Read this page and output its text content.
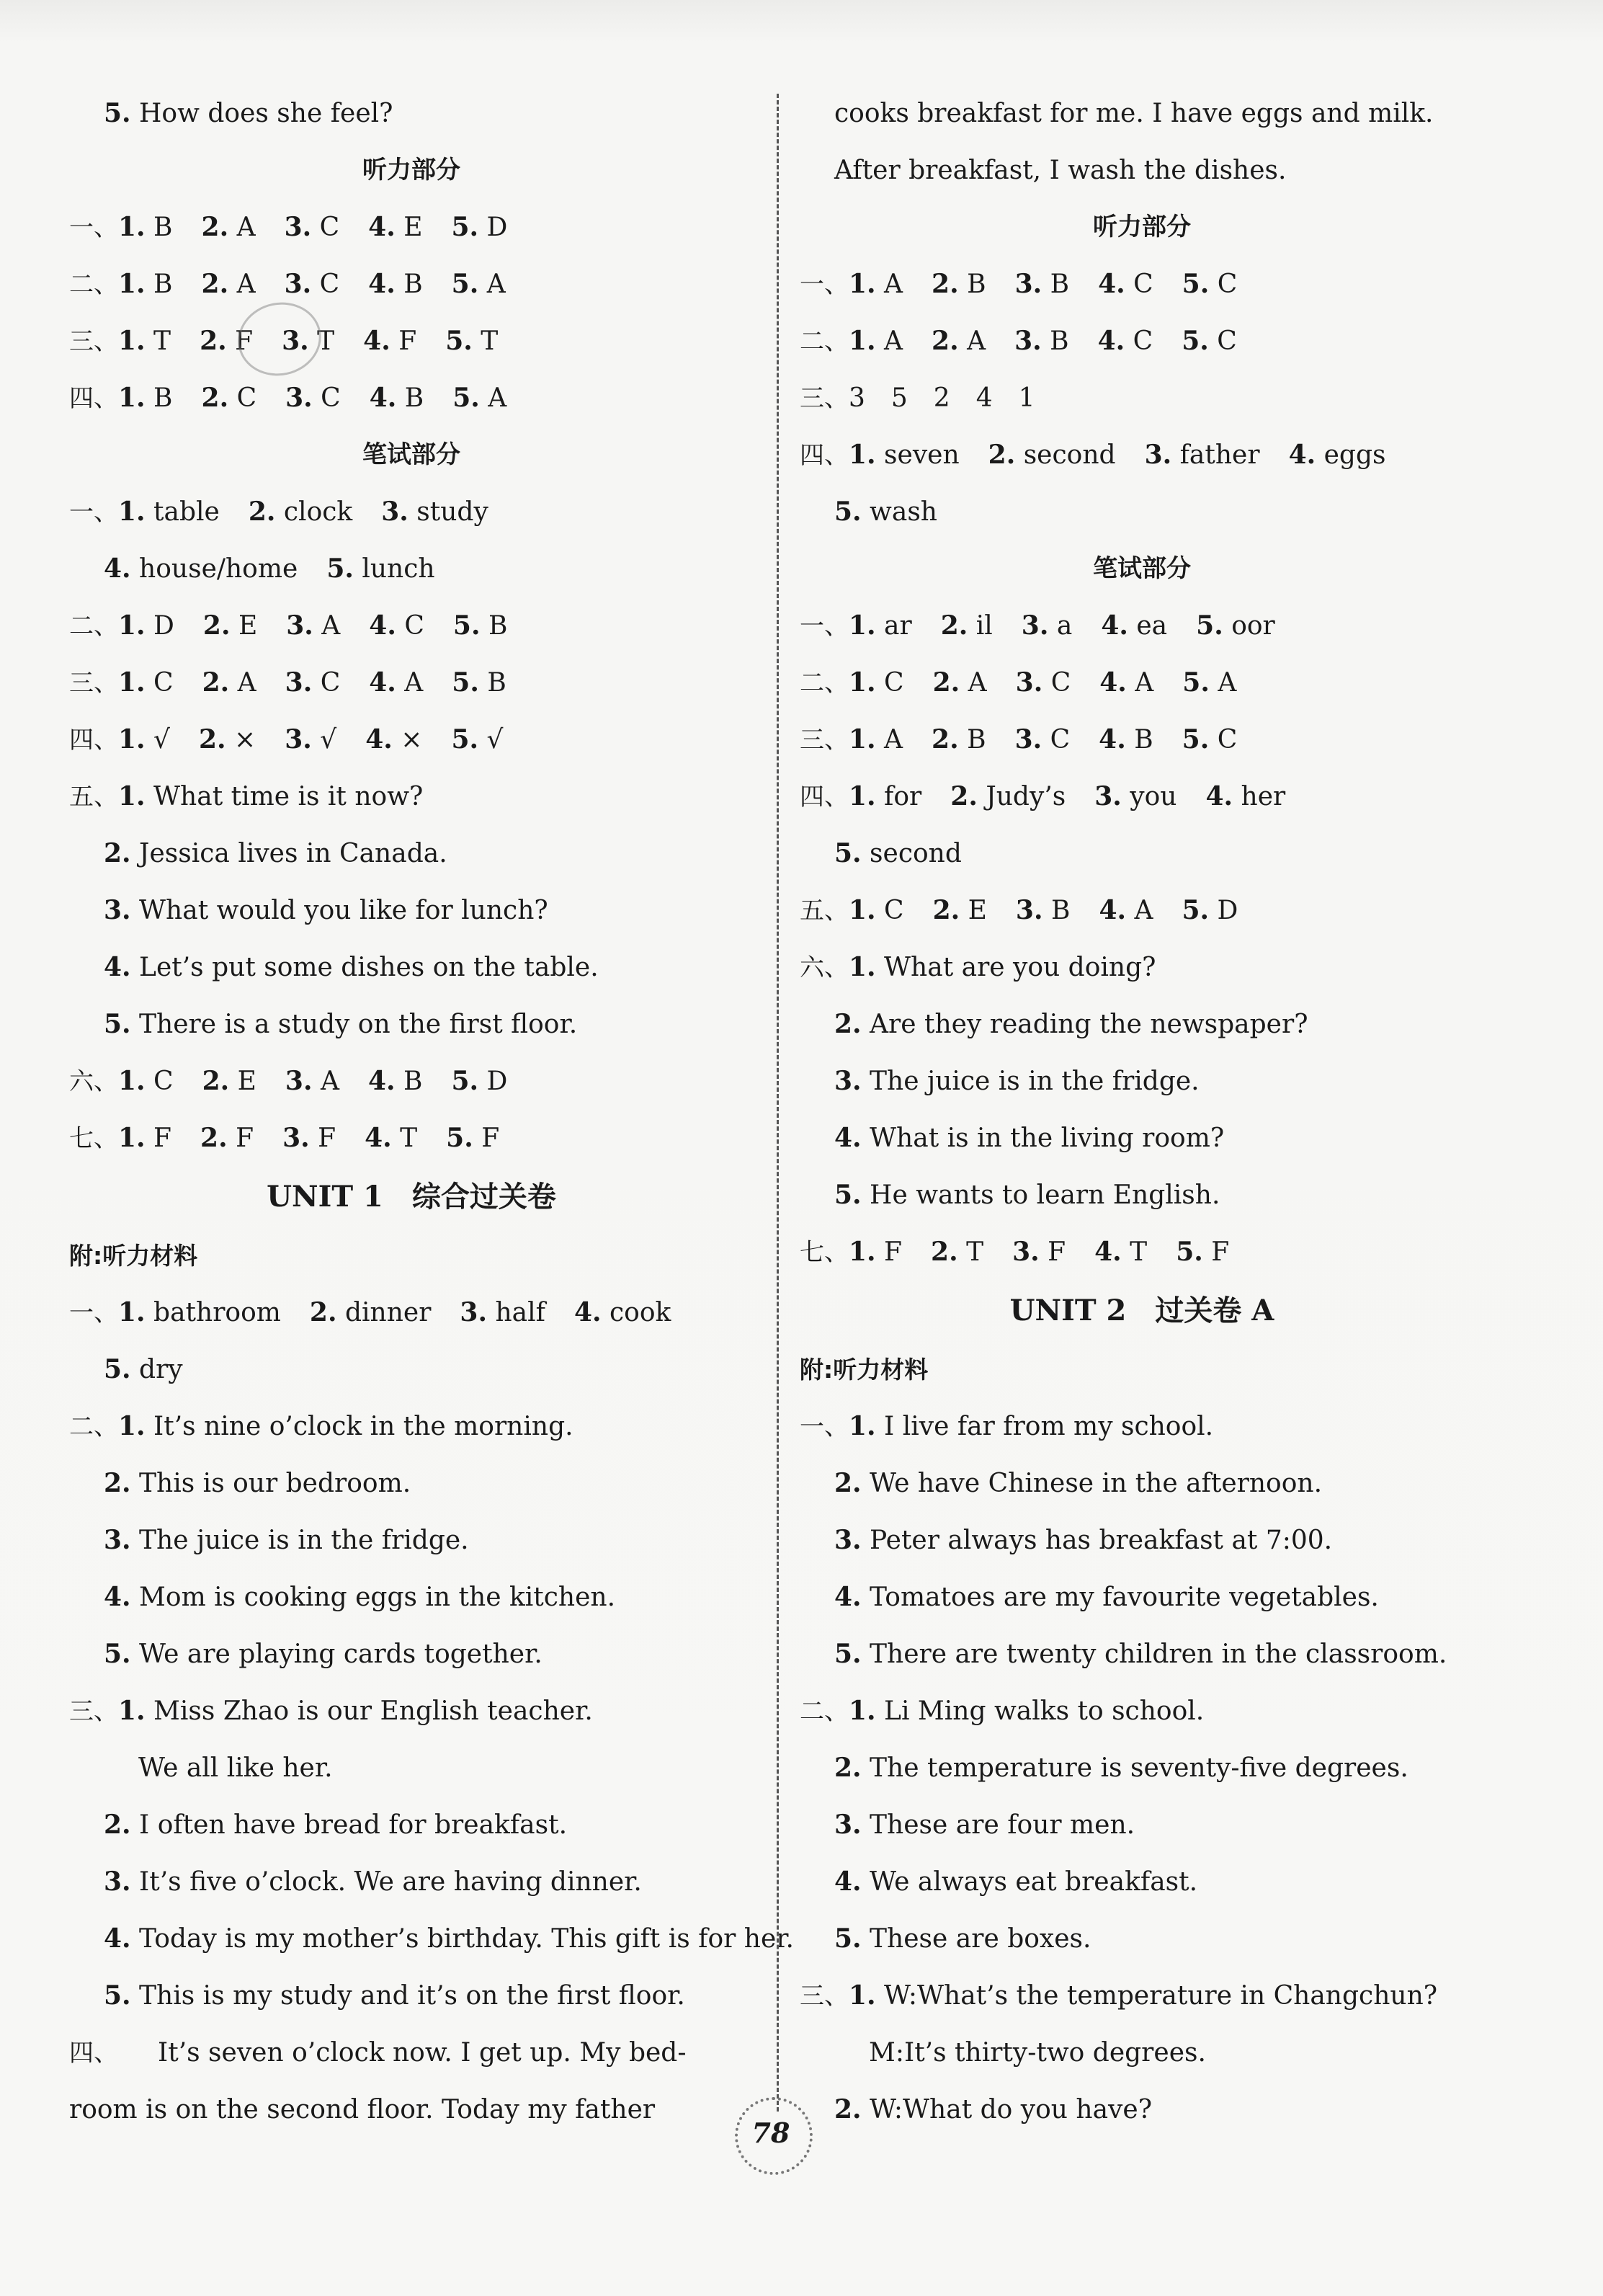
5. How does she feel?
听力部分
一、1. B 2. A 3. C 4. E 5. D
二、1. B 2. A 3. C 4. B 5. A
三、1. T 2. F 3. T 4. F 5. T
四、1. B 2. C 3. C 4. B 5. A
笔试部分
一、1. table 2. clock 3. study
4. house/home 5. lunch
二、1. D 2. E 3. A 4. C 5. B
三、1. C 2. A 3. C 4. A 5. B
四、1. √ 2. × 3. √ 4. × 5. √
五、1. What time is it now?
2. Jessica lives in Canada.
3. What would you like for lunch?
4. Let’s put some dishes on the table.
5. There is a study on the first floor.
六、1. C 2. E 3. A 4. B 5. D
七、1. F 2. F 3. F 4. T 5. F
UNIT 1　综合过关卷
附:听力材料
一、1. bathroom 2. dinner 3. half 4. cook
5. dry
二、1. It’s nine o’clock in the morning.
2. This is our bedroom.
3. The juice is in the fridge.
4. Mom is cooking eggs in the kitchen.
5. We are playing cards together.
三、1. Miss Zhao is our English teacher.
We all like her.
2. I often have bread for breakfast.
3. It’s five o’clock. We are having dinner.
4. Today is my mother’s birthday. This gift is for her.
5. This is my study and it’s on the first floor.
四、　　It’s seven o’clock now. I get up. My bed-
room is on the second floor. Today my father
cooks breakfast for me. I have eggs and milk.
After breakfast, I wash the dishes.
听力部分
一、1. A 2. B 3. B 4. C 5. C
二、1. A 2. A 3. B 4. C 5. C
三、3　5　2　4　1
四、1. seven 2. second 3. father 4. eggs
5. wash
笔试部分
一、1. ar 2. il 3. a 4. ea 5. oor
二、1. C 2. A 3. C 4. A 5. A
三、1. A 2. B 3. C 4. B 5. C
四、1. for 2. Judy’s 3. you 4. her
5. second
五、1. C 2. E 3. B 4. A 5. D
六、1. What are you doing?
2. Are they reading the newspaper?
3. The juice is in the fridge.
4. What is in the living room?
5. He wants to learn English.
七、1. F 2. T 3. F 4. T 5. F
UNIT 2　过关卷 A
附:听力材料
一、1. I live far from my school.
2. We have Chinese in the afternoon.
3. Peter always has breakfast at 7:00.
4. Tomatoes are my favourite vegetables.
5. There are twenty children in the classroom.
二、1. Li Ming walks to school.
2. The temperature is seventy-five degrees.
3. These are four men.
4. We always eat breakfast.
5. These are boxes.
三、1. W:What’s the temperature in Changchun?
M:It’s thirty-two degrees.
2. W:What do you have?
78
